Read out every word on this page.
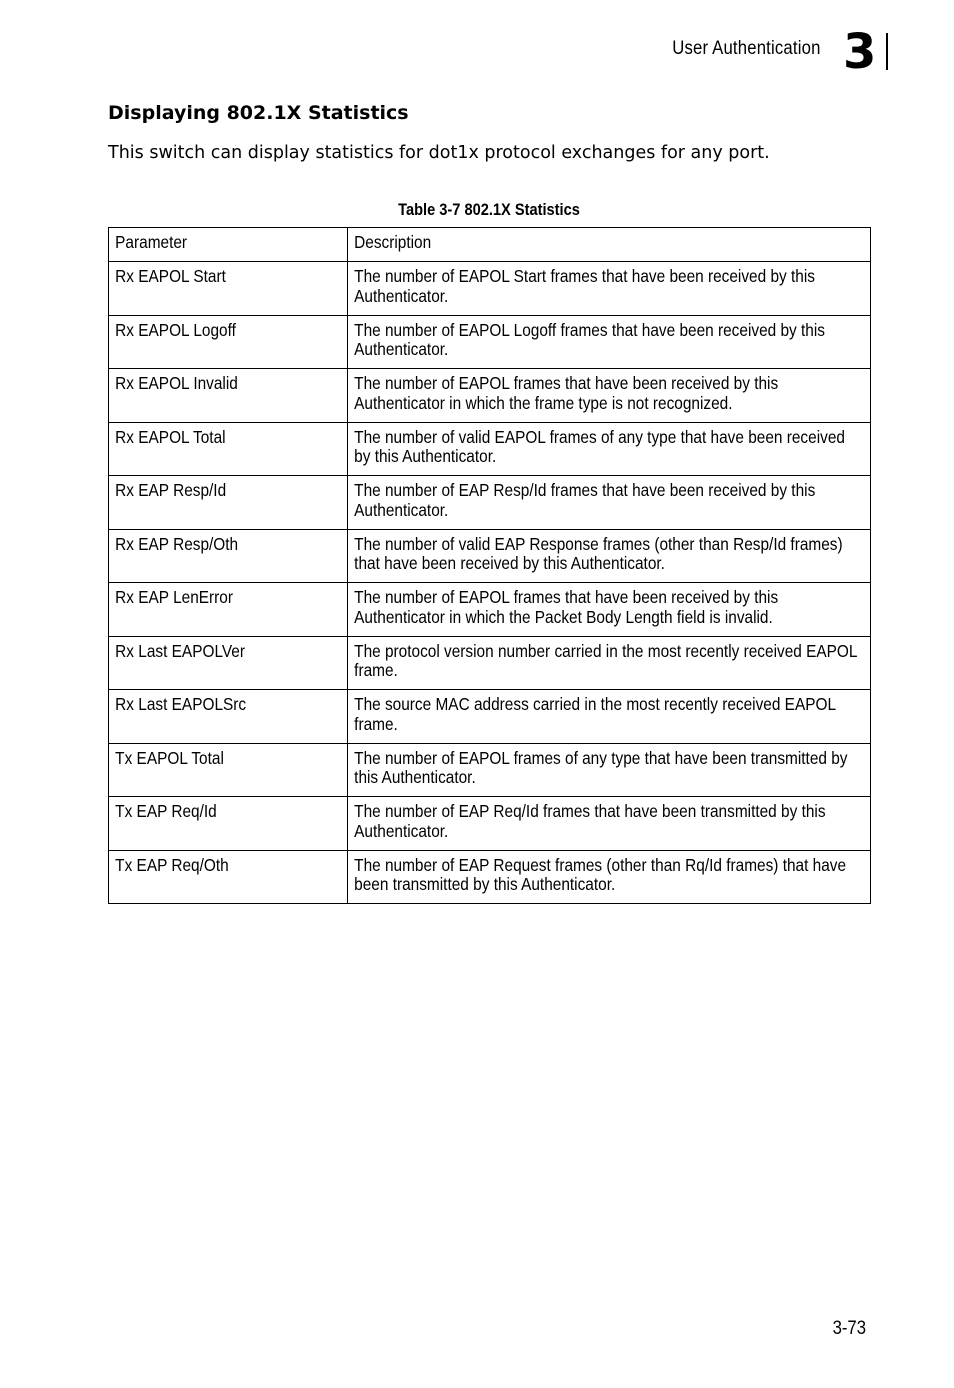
User Authentication 3
Displaying 802.1X Statistics
This switch can display statistics for dot1x protocol exchanges for any port.
Table 3-7 802.1X Statistics
Parameter	Description

Rx EAPOL Start	The number of EAPOL Start frames that have been received by this Authenticator.

Rx EAPOL Logoff	The number of EAPOL Logoff frames that have been received by this Authenticator.

Rx EAPOL Invalid	The number of EAPOL frames that have been received by this Authenticator in which the frame type is not recognized.

Rx EAPOL Total	The number of valid EAPOL frames of any type that have been received by this Authenticator.

Rx EAP Resp/Id	The number of EAP Resp/Id frames that have been received by this Authenticator.

Rx EAP Resp/Oth	The number of valid EAP Response frames (other than Resp/Id frames) that have been received by this Authenticator.

Rx EAP LenError	The number of EAPOL frames that have been received by this Authenticator in which the Packet Body Length field is invalid.

Rx Last EAPOLVer	The protocol version number carried in the most recently received EAPOL frame.

Rx Last EAPOLSrc	The source MAC address carried in the most recently received EAPOL frame.

Tx EAPOL Total	The number of EAPOL frames of any type that have been transmitted by this Authenticator.

Tx EAP Req/Id	The number of EAP Req/Id frames that have been transmitted by this Authenticator.

Tx EAP Req/Oth	The number of EAP Request frames (other than Rq/Id frames) that have been transmitted by this Authenticator.
3-73
